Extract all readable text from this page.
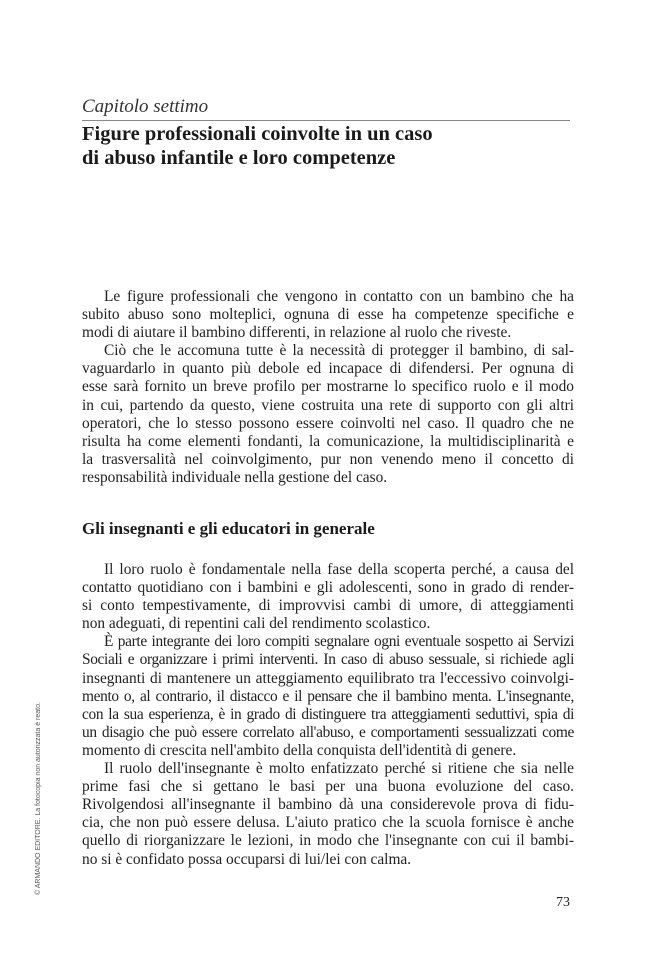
Capitolo settimo
Figure professionali coinvolte in un caso
di abuso infantile e loro competenze
Le figure professionali che vengono in contatto con un bambino che ha
subito abuso sono molteplici, ognuna di esse ha competenze specifiche e
modi di aiutare il bambino differenti, in relazione al ruolo che riveste.
Ciò che le accomuna tutte è la necessità di protegger il bambino, di sal-
vaguardarlo in quanto più debole ed incapace di difendersi. Per ognuna di
esse sarà fornito un breve profilo per mostrarne lo specifico ruolo e il modo
in cui, partendo da questo, viene costruita una rete di supporto con gli altri
operatori, che lo stesso possono essere coinvolti nel caso. Il quadro che ne
risulta ha come elementi fondanti, la comunicazione, la multidisciplinarità e
la trasversalità nel coinvolgimento, pur non venendo meno il concetto di
responsabilità individuale nella gestione del caso.
Gli insegnanti e gli educatori in generale
Il loro ruolo è fondamentale nella fase della scoperta perché, a causa del
contatto quotidiano con i bambini e gli adolescenti, sono in grado di render-
si conto tempestivamente, di improvvisi cambi di umore, di atteggiamenti
non adeguati, di repentini cali del rendimento scolastico.
È parte integrante dei loro compiti segnalare ogni eventuale sospetto ai Servizi
Sociali e organizzare i primi interventi. In caso di abuso sessuale, si richiede agli
insegnanti di mantenere un atteggiamento equilibrato tra l'eccessivo coinvolgi-
mento o, al contrario, il distacco e il pensare che il bambino menta. L'insegnante,
con la sua esperienza, è in grado di distinguere tra atteggiamenti seduttivi, spia di
un disagio che può essere correlato all'abuso, e comportamenti sessualizzati come
momento di crescita nell'ambito della conquista dell'identità di genere.
Il ruolo dell'insegnante è molto enfatizzato perché si ritiene che sia nelle
prime fasi che si gettano le basi per una buona evoluzione del caso.
Rivolgendosi all'insegnante il bambino dà una considerevole prova di fidu-
cia, che non può essere delusa. L'aiuto pratico che la scuola fornisce è anche
quello di riorganizzare le lezioni, in modo che l'insegnante con cui il bambi-
no si è confidato possa occuparsi di lui/lei con calma.
73
© ARMANDO EDITORE. La fotocopia non autorizzata è reato.
